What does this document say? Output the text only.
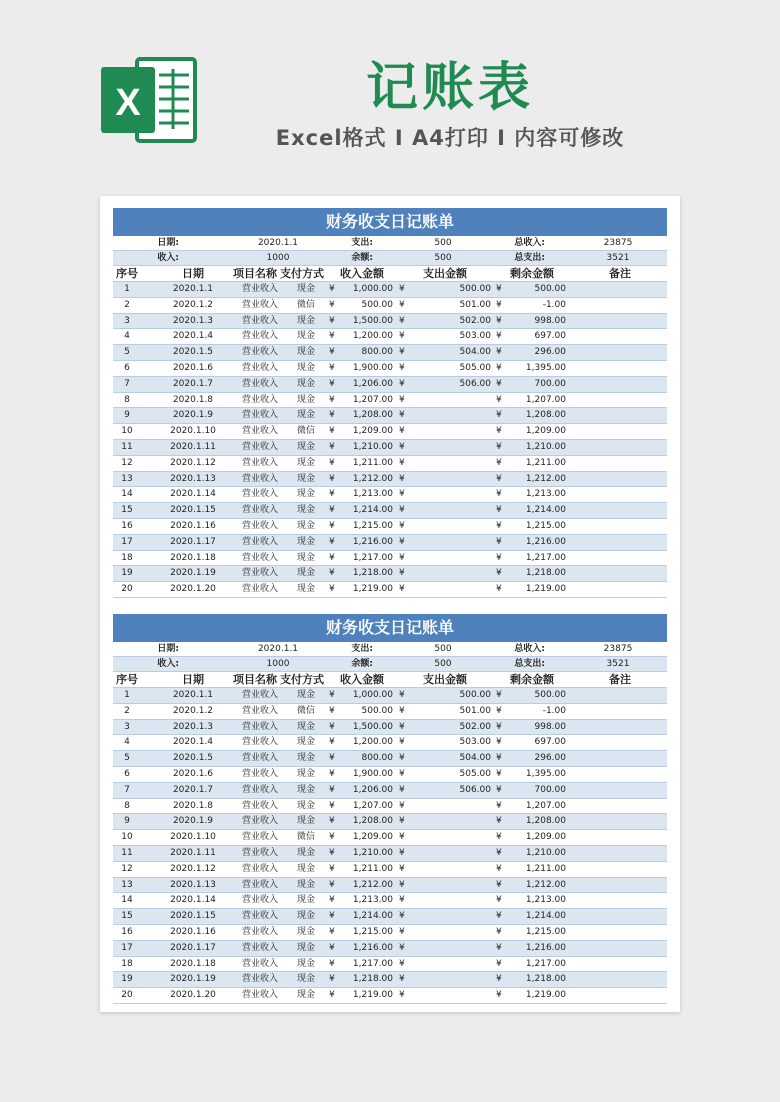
X	记账表
Excel格式 I A4打印 I 内容可修改
财务收支日记账单
日期:	2020.1.1	支出:	500	总收入:	23875
收入:	1000	余额:	500	总支出:	3521
序号	日期	项目名称 支付方式	收入金额	支出金额	剩余金额	备注
1	2020.1.1	营业收入	现金	¥	1,000.00 ¥	500.00 ¥	500.00
2	2020.1.2	营业收入	微信	¥	500.00 ¥	501.00 ¥	-1.00
3	2020.1.3	营业收入	现金	¥	1,500.00 ¥	502.00 ¥	998.00
4	2020.1.4	营业收入	现金	¥	1,200.00 ¥	503.00 ¥	697.00
5	2020.1.5	营业收入	现金	¥	800.00 ¥	504.00 ¥	296.00
6	2020.1.6	营业收入	现金	¥	1,900.00 ¥	505.00 ¥	1,395.00
7	2020.1.7	营业收入	现金	¥	1,206.00 ¥	506.00 ¥	700.00
8	2020.1.8	营业收入	现金	¥	1,207.00 ¥	¥	1,207.00
9	2020.1.9	营业收入	现金	¥	1,208.00 ¥	¥	1,208.00
10	2020.1.10	营业收入	微信	¥	1,209.00 ¥	¥	1,209.00
11	2020.1.11	营业收入	现金	¥	1,210.00 ¥	¥	1,210.00
12	2020.1.12	营业收入	现金	¥	1,211.00 ¥	¥	1,211.00
13	2020.1.13	营业收入	现金	¥	1,212.00 ¥	¥	1,212.00
14	2020.1.14	营业收入	现金	¥	1,213.00 ¥	¥	1,213.00
15	2020.1.15	营业收入	现金	¥	1,214.00 ¥	¥	1,214.00
16	2020.1.16	营业收入	现金	¥	1,215.00 ¥	¥	1,215.00
17	2020.1.17	营业收入	现金	¥	1,216.00 ¥	¥	1,216.00
18	2020.1.18	营业收入	现金	¥	1,217.00 ¥	¥	1,217.00
19	2020.1.19	营业收入	现金	¥	1,218.00 ¥	¥	1,218.00
20	2020.1.20	营业收入	现金	¥	1,219.00 ¥	¥	1,219.00
财务收支日记账单
日期:	2020.1.1	支出:	500	总收入:	23875
收入:	1000	余额:	500	总支出:	3521
序号	日期	项目名称 支付方式	收入金额	支出金额	剩余金额	备注
1	2020.1.1	营业收入	现金	¥	1,000.00 ¥	500.00 ¥	500.00
2	2020.1.2	营业收入	微信	¥	500.00 ¥	501.00 ¥	-1.00
3	2020.1.3	营业收入	现金	¥	1,500.00 ¥	502.00 ¥	998.00
4	2020.1.4	营业收入	现金	¥	1,200.00 ¥	503.00 ¥	697.00
5	2020.1.5	营业收入	现金	¥	800.00 ¥	504.00 ¥	296.00
6	2020.1.6	营业收入	现金	¥	1,900.00 ¥	505.00 ¥	1,395.00
7	2020.1.7	营业收入	现金	¥	1,206.00 ¥	506.00 ¥	700.00
8	2020.1.8	营业收入	现金	¥	1,207.00 ¥	¥	1,207.00
9	2020.1.9	营业收入	现金	¥	1,208.00 ¥	¥	1,208.00
10	2020.1.10	营业收入	微信	¥	1,209.00 ¥	¥	1,209.00
11	2020.1.11	营业收入	现金	¥	1,210.00 ¥	¥	1,210.00
12	2020.1.12	营业收入	现金	¥	1,211.00 ¥	¥	1,211.00
13	2020.1.13	营业收入	现金	¥	1,212.00 ¥	¥	1,212.00
14	2020.1.14	营业收入	现金	¥	1,213.00 ¥	¥	1,213.00
15	2020.1.15	营业收入	现金	¥	1,214.00 ¥	¥	1,214.00
16	2020.1.16	营业收入	现金	¥	1,215.00 ¥	¥	1,215.00
17	2020.1.17	营业收入	现金	¥	1,216.00 ¥	¥	1,216.00
18	2020.1.18	营业收入	现金	¥	1,217.00 ¥	¥	1,217.00
19	2020.1.19	营业收入	现金	¥	1,218.00 ¥	¥	1,218.00
20	2020.1.20	营业收入	现金	¥	1,219.00 ¥	¥	1,219.00
